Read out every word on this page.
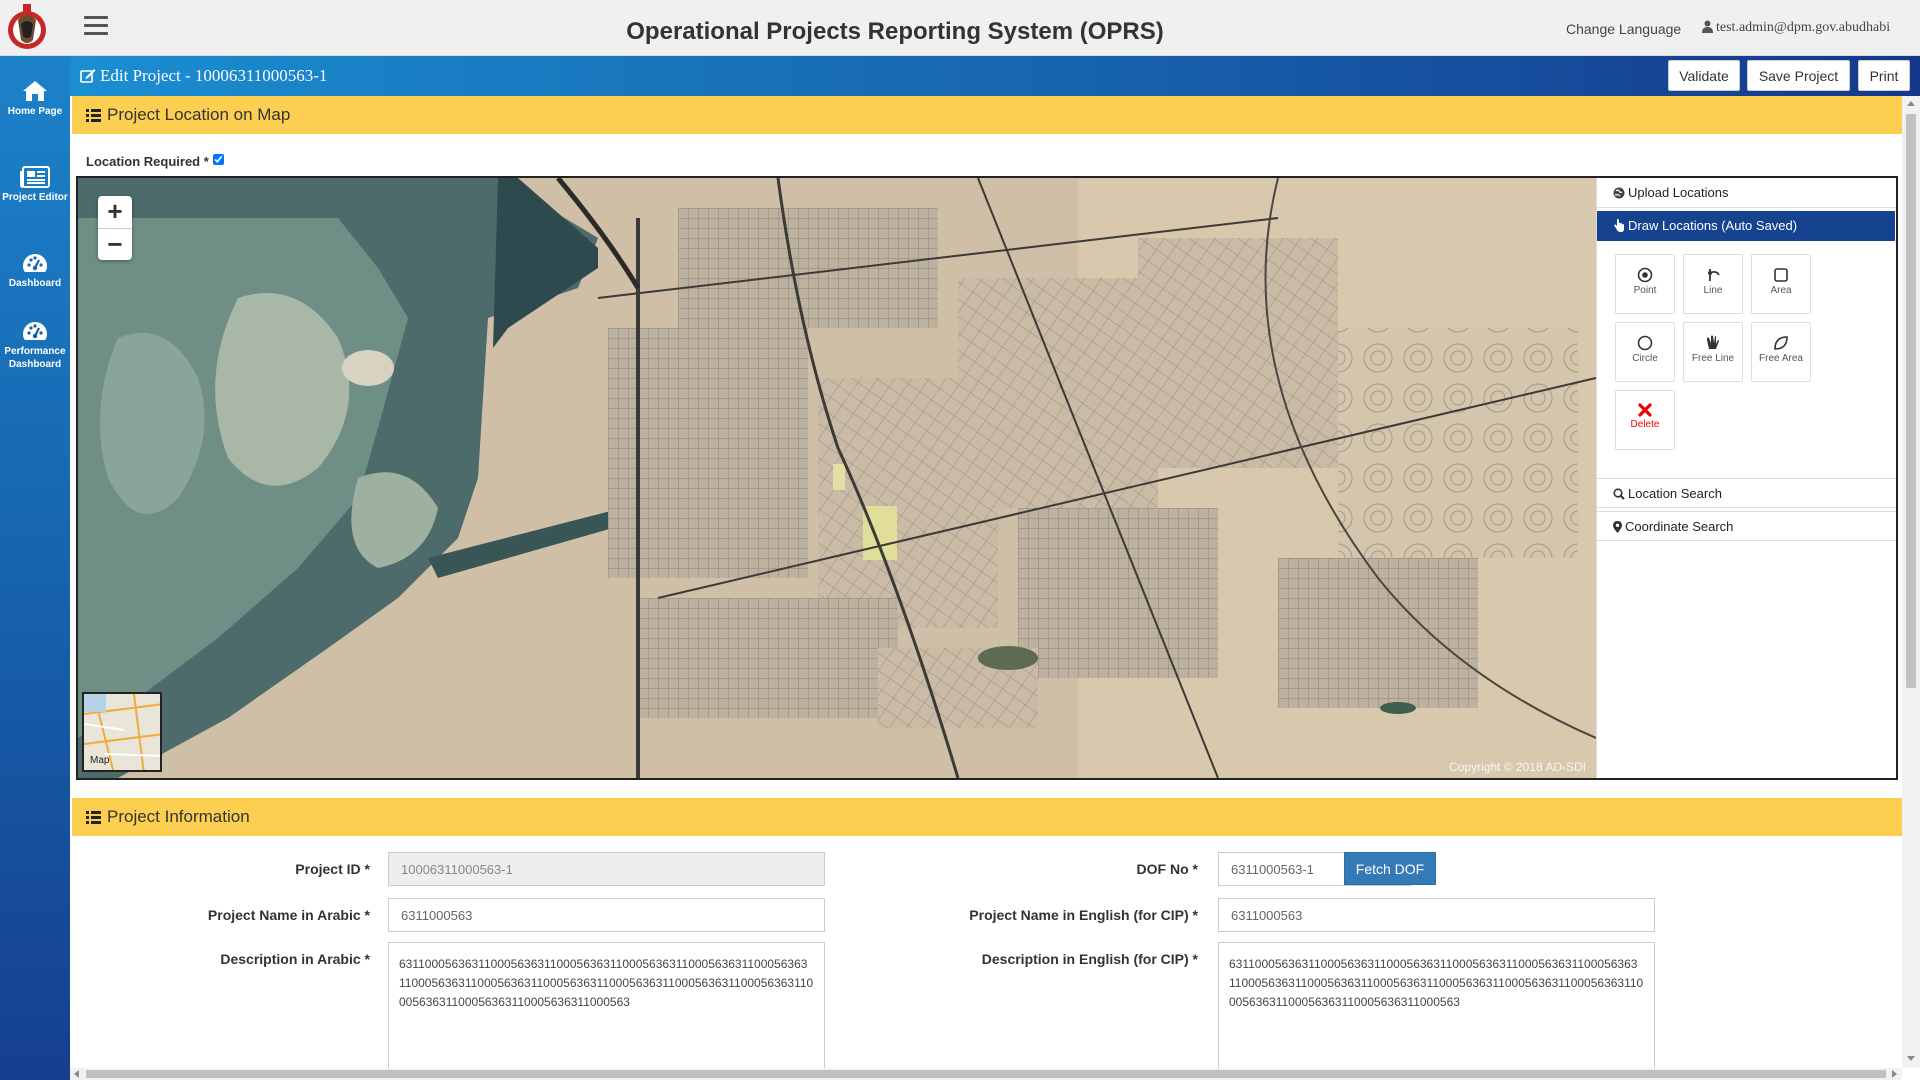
Operational Projects Reporting System (OPRS)	Change Language	test.admin@dpm.gov.abudhabi
Home Page
Project Editor
Dashboard
Performance Dashboard
Edit Project - 10006311000563-1	Validate	Save Project	Print
Project Location on Map
Location Required *
+
−
Map	Copyright © 2018 AD-SDI
Upload Locations
Draw Locations (Auto Saved)
Point	Line	Area
Circle	Free Line	Free Area
Delete
Location Search
Coordinate Search
Project Information
Project ID *
10006311000563-1	DOF No *
6311000563-1	Fetch DOF
Project Name in Arabic *
6311000563	Project Name in English (for CIP) *
6311000563
Description in Arabic *
6311000563631100056363110005636311000563631100056363110005636311000563631100056363110005636311000563631100056363110005636311000563631100056363110005636311000563	Description in English (for CIP) *
6311000563631100056363110005636311000563631100056363110005636311000563631100056363110005636311000563631100056363110005636311000563631100056363110005636311000563
